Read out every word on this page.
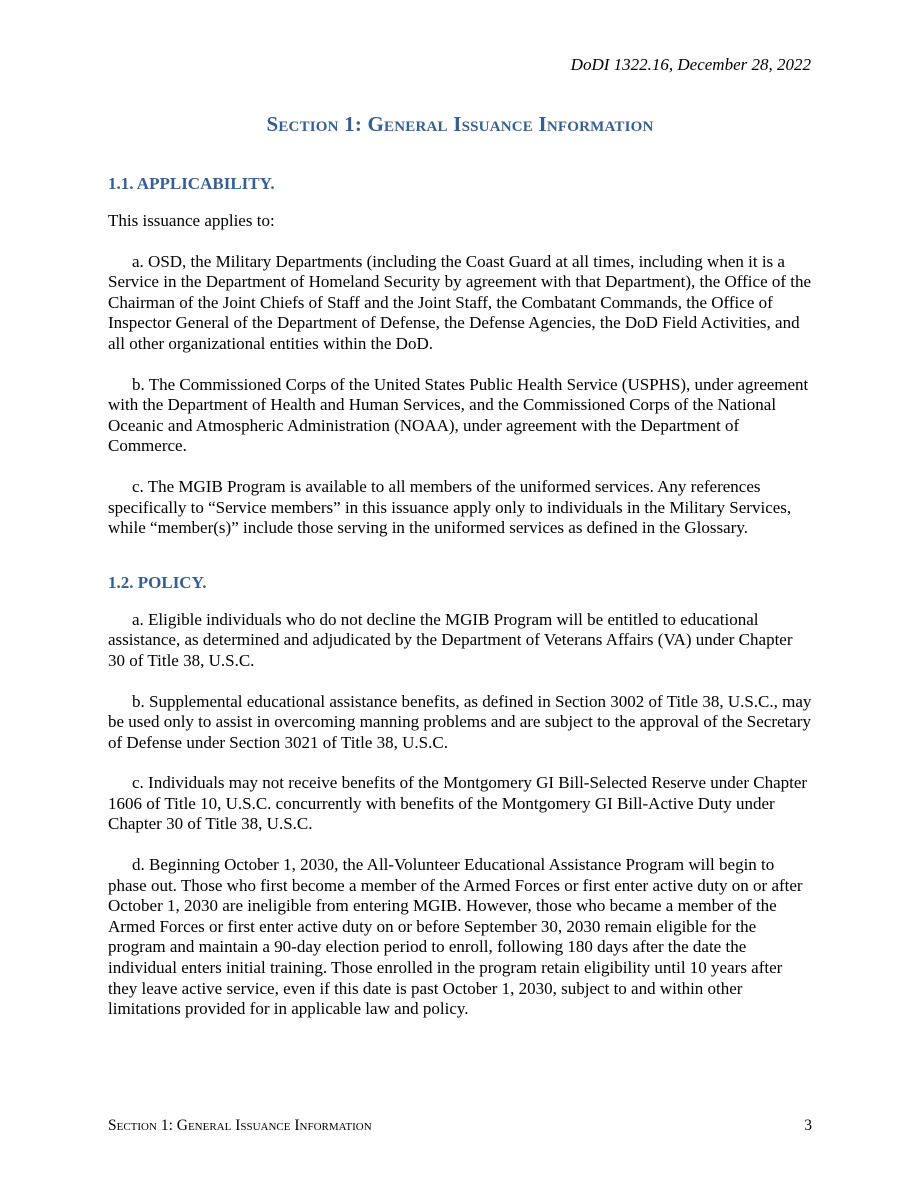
DoDI 1322.16, December 28, 2022
Section 1: General Issuance Information
1.1. APPLICABILITY.

This issuance applies to:

a. OSD, the Military Departments (including the Coast Guard at all times, including when it is a Service in the Department of Homeland Security by agreement with that Department), the Office of the Chairman of the Joint Chiefs of Staff and the Joint Staff, the Combatant Commands, the Office of Inspector General of the Department of Defense, the Defense Agencies, the DoD Field Activities, and all other organizational entities within the DoD.

b. The Commissioned Corps of the United States Public Health Service (USPHS), under agreement with the Department of Health and Human Services, and the Commissioned Corps of the National Oceanic and Atmospheric Administration (NOAA), under agreement with the Department of Commerce.

c. The MGIB Program is available to all members of the uniformed services. Any references specifically to “Service members” in this issuance apply only to individuals in the Military Services, while “member(s)” include those serving in the uniformed services as defined in the Glossary.

1.2. POLICY.

a. Eligible individuals who do not decline the MGIB Program will be entitled to educational assistance, as determined and adjudicated by the Department of Veterans Affairs (VA) under Chapter 30 of Title 38, U.S.C.

b. Supplemental educational assistance benefits, as defined in Section 3002 of Title 38, U.S.C., may be used only to assist in overcoming manning problems and are subject to the approval of the Secretary of Defense under Section 3021 of Title 38, U.S.C.

c. Individuals may not receive benefits of the Montgomery GI Bill-Selected Reserve under Chapter 1606 of Title 10, U.S.C. concurrently with benefits of the Montgomery GI Bill-Active Duty under Chapter 30 of Title 38, U.S.C.

d. Beginning October 1, 2030, the All-Volunteer Educational Assistance Program will begin to phase out. Those who first become a member of the Armed Forces or first enter active duty on or after October 1, 2030 are ineligible from entering MGIB. However, those who became a member of the Armed Forces or first enter active duty on or before September 30, 2030 remain eligible for the program and maintain a 90-day election period to enroll, following 180 days after the date the individual enters initial training. Those enrolled in the program retain eligibility until 10 years after they leave active service, even if this date is past October 1, 2030, subject to and within other limitations provided for in applicable law and policy.

Section 1: General Issuance Information	3
